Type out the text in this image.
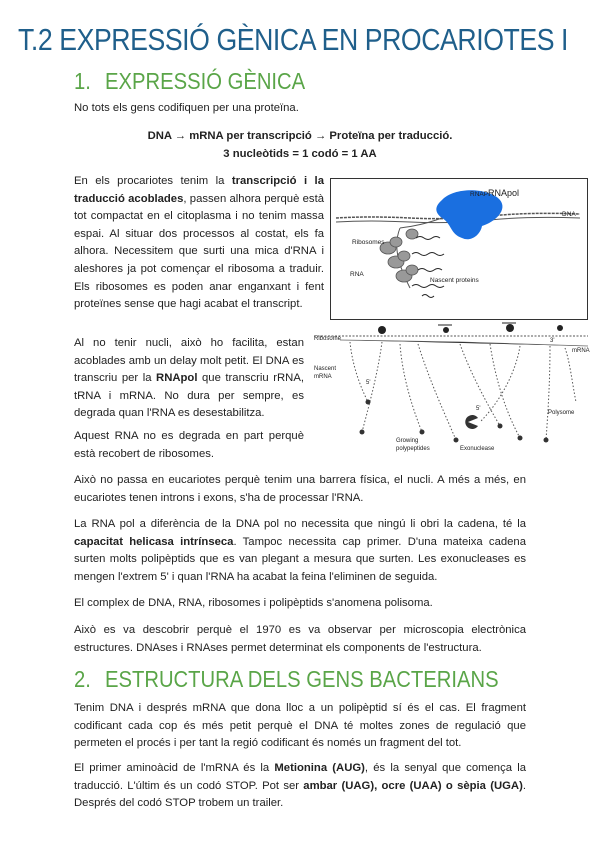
T.2 EXPRESSIÓ GÈNICA EN PROCARIOTES I
1. EXPRESSIÓ GÈNICA
No tots els gens codifiquen per una proteïna.
DNA → mRNA per transcripció → Proteïna per traducció.
3 nucleòtids = 1 codó = 1 AA
En els procariotes tenim la transcripció i la traducció acoblades, passen alhora perquè està tot compactat en el citoplasma i no tenim massa espai. Al situar dos processos al costat, els fa alhora. Necessitem que surti una mica d'RNA i aleshores ja pot començar el ribosoma a traduir. Els ribosomes es poden anar enganxant i fent proteïnes sense que hagi acabat el transcript.
RNAP RNApol
DNA
Ribosomes
RNA
Nascent proteins
Al no tenir nucli, això ho facilita, estan acoblades amb un delay molt petit. El DNA es transcriu per la RNApol que transcriu rRNA, tRNA i mRNA. No dura per sempre, es degrada quan l'RNA es desestabilitza.
Ribosome
Nascent
mRNA
3'
mRNA
5'
5'
Polysome
Growing
polypeptides	Exonuclease
Aquest RNA no es degrada en part perquè està recobert de ribosomes.
Això no passa en eucariotes perquè tenim una barrera física, el nucli. A més a més, en eucariotes tenen introns i exons, s'ha de processar l'RNA.
La RNA pol a diferència de la DNA pol no necessita que ningú li obri la cadena, té la capacitat helicasa intrínseca. Tampoc necessita cap primer. D'una mateixa cadena surten molts polipèptids que es van plegant a mesura que surten. Les exonucleases es mengen l'extrem 5' i quan l'RNA ha acabat la feina l'eliminen de seguida.
El complex de DNA, RNA, ribosomes i polipèptids s'anomena polisoma.
Això es va descobrir perquè el 1970 es va observar per microscopia electrònica estructures. DNAses i RNAses permet determinat els components de l'estructura.
2. ESTRUCTURA DELS GENS BACTERIANS
Tenim DNA i després mRNA que dona lloc a un polipèptid sí és el cas. El fragment codificant cada cop és més petit perquè el DNA té moltes zones de regulació que permeten el procés i per tant la regió codificant és només un fragment del tot.
El primer aminoàcid de l'mRNA és la Metionina (AUG), és la senyal que comença la traducció. L'últim és un codó STOP. Pot ser ambar (UAG), ocre (UAA) o sèpia (UGA). Després del codó STOP trobem un trailer.
